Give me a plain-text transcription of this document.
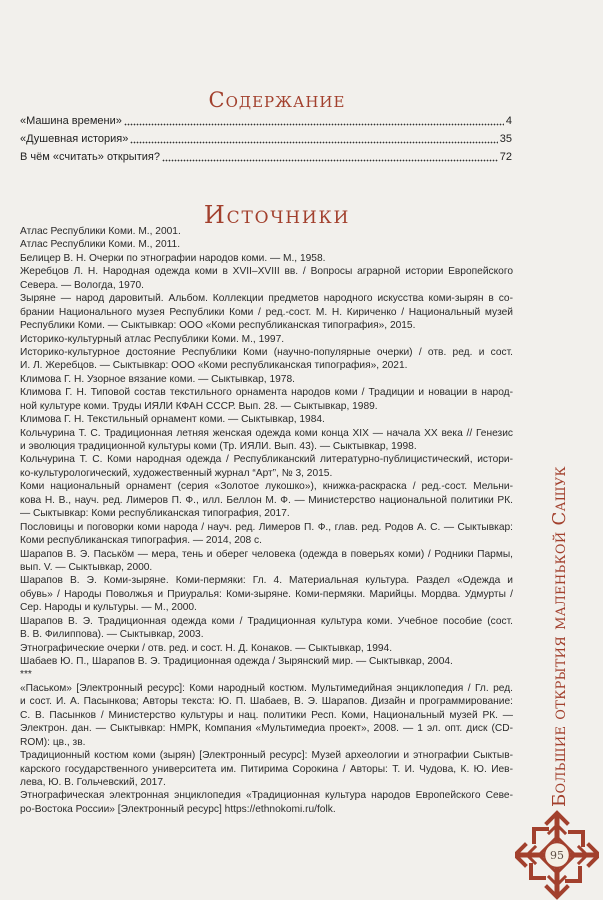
Содержание
«Машина времени»	4
«Душевная история»	35
В чём «считать» открытия?	72
Источники
Атлас Республики Коми. М., 2001.
Атлас Республики Коми. М., 2011.
Белицер В. Н. Очерки по этнографии народов коми. — М., 1958.
Жеребцов Л. Н. Народная одежда коми в XVII–XVIII вв. / Вопросы аграрной истории Европейского
Севера. — Вологда, 1970.
Зыряне — народ даровитый. Альбом. Коллекции предметов народного искусства коми-зырян в со-
брании Национального музея Республики Коми / ред.-сост. М. Н. Кириченко / Национальный музей
Республики Коми. — Сыктывкар: ООО «Коми республиканская типография», 2015.
Историко-культурный атлас Республики Коми. М., 1997.
Историко-культурное достояние Республики Коми (научно-популярные очерки) / отв. ред. и сост.
И. Л. Жеребцов. — Сыктывкар: ООО «Коми республиканская типография», 2021.
Климова Г. Н. Узорное вязание коми. — Сыктывкар, 1978.
Климова Г. Н. Типовой состав текстильного орнамента народов коми / Традиции и новации в народ-
ной культуре коми. Труды ИЯЛИ КФАН СССР. Вып. 28. — Сыктывкар, 1989.
Климова Г. Н. Текстильный орнамент коми. — Сыктывкар, 1984.
Кольчурина Т. С. Традиционная летняя женская одежда коми конца XIX — начала XX века // Генезис
и эволюция традиционной культуры коми (Тр. ИЯЛИ. Вып. 43). — Сыктывкар, 1998.
Кольчурина Т. С. Коми народная одежда / Республиканский литературно-публицистический, истори-
ко-культурологический, художественный журнал “Арт”, № 3, 2015.
Коми национальный орнамент (серия «Золотое лукошко»), книжка-раскраска / ред.-сост. Мельни-
кова Н. В., науч. ред. Лимеров П. Ф., илл. Беллон М. Ф. — Министерство национальной политики РК.
— Сыктывкар: Коми республиканская типография, 2017.
Пословицы и поговорки коми народа / науч. ред. Лимеров П. Ф., глав. ред. Родов А. С. — Сыктывкар:
Коми республиканская типография. — 2014, 208 с.
Шарапов В. Э. Паськöм — мера, тень и оберег человека (одежда в поверьях коми) / Родники Пармы,
вып. V. — Сыктывкар, 2000.
Шарапов В. Э. Коми-зыряне. Коми-пермяки: Гл. 4. Материальная культура. Раздел «Одежда и
обувь» / Народы Поволжья и Приуралья: Коми-зыряне. Коми-пермяки. Марийцы. Мордва. Удмурты /
Сер. Народы и культуры. — М., 2000.
Шарапов В. Э. Традиционная одежда коми / Традиционная культура коми. Учебное пособие (сост.
В. В. Филиппова). — Сыктывкар, 2003.
Этнографические очерки / отв. ред. и сост. Н. Д. Конаков. — Сыктывкар, 1994.
Шабаев Ю. П., Шарапов В. Э. Традиционная одежда / Зырянский мир. — Сыктывкар, 2004.
***
«Паськом» [Электронный ресурс]: Коми народный костюм. Мультимедийная энциклопедия / Гл. ред.
и сост. И. А. Пасынкова; Авторы текста: Ю. П. Шабаев, В. Э. Шарапов. Дизайн и программирование:
С. В. Пасынков / Министерство культуры и нац. политики Респ. Коми, Национальный музей РК. —
Электрон. дан. — Сыктывкар: НМРК, Компания «Мультимедиа проект», 2008. — 1 эл. опт. диск (CD-
ROM): цв., зв.
Традиционный костюм коми (зырян) [Электронный ресурс]: Музей археологии и этнографии Сыктыв-
карского государственного университета им. Питирима Сорокина / Авторы: Т. И. Чудова, К. Ю. Иев-
лева, Ю. В. Гольчевский, 2017.
Этнографическая электронная энциклопедия «Традиционная культура народов Европейского Севе-
ро-Востока России» [Электронный ресурс] https://ethnokomi.ru/folk.
Большие открытия маленькой Сашук
95
